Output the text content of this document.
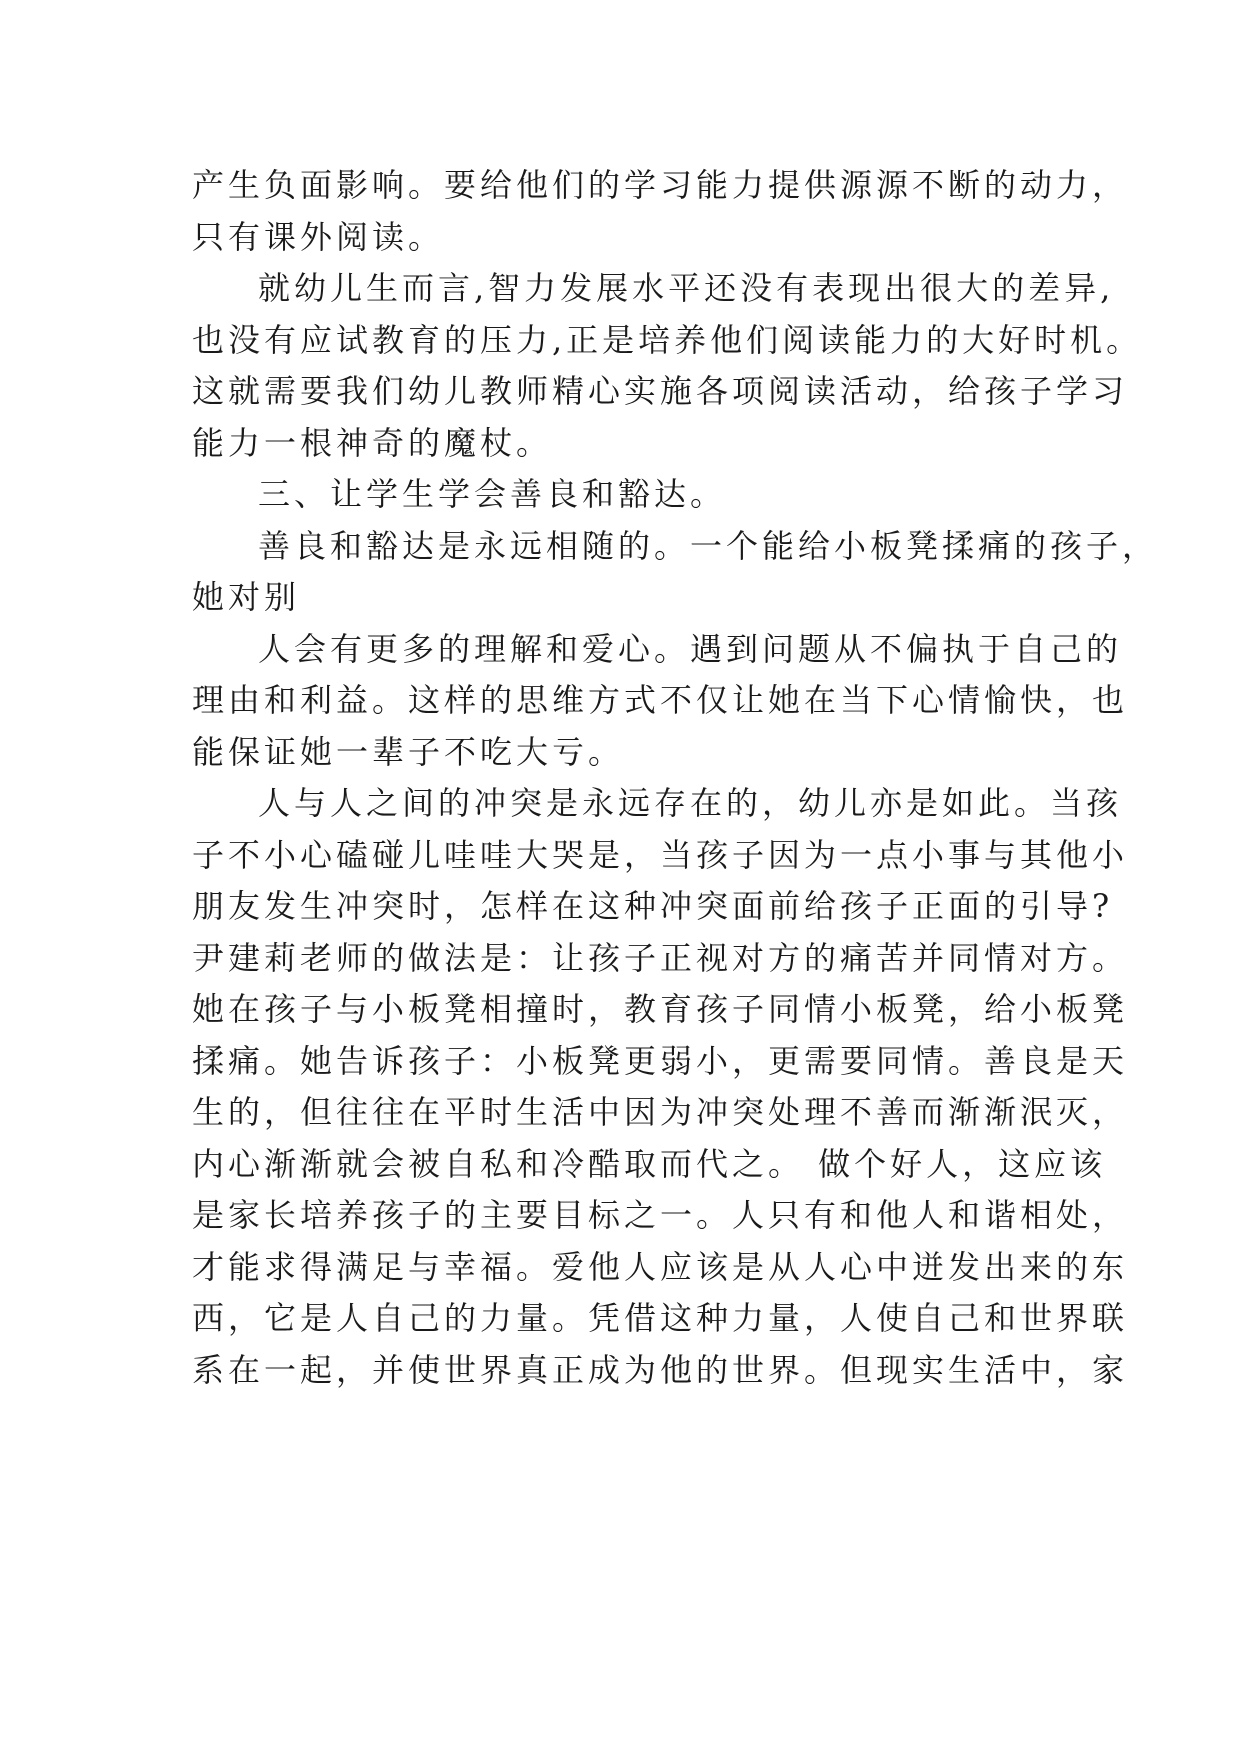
产生负面影响。要给他们的学习能力提供源源不断的动力，
只有课外阅读。
就幼儿生而言,智力发展水平还没有表现出很大的差异,
也没有应试教育的压力,正是培养他们阅读能力的大好时机。
这就需要我们幼儿教师精心实施各项阅读活动，给孩子学习
能力一根神奇的魔杖。
三、让学生学会善良和豁达。
善良和豁达是永远相随的。一个能给小板凳揉痛的孩子，
她对别
人会有更多的理解和爱心。遇到问题从不偏执于自己的
理由和利益。这样的思维方式不仅让她在当下心情愉快，也
能保证她一辈子不吃大亏。
人与人之间的冲突是永远存在的，幼儿亦是如此。当孩
子不小心磕碰儿哇哇大哭是，当孩子因为一点小事与其他小
朋友发生冲突时，怎样在这种冲突面前给孩子正面的引导?
尹建莉老师的做法是：让孩子正视对方的痛苦并同情对方。
她在孩子与小板凳相撞时，教育孩子同情小板凳，给小板凳
揉痛。她告诉孩子：小板凳更弱小，更需要同情。善良是天
生的，但往往在平时生活中因为冲突处理不善而渐渐泯灭，
内心渐渐就会被自私和冷酷取而代之。 做个好人，这应该
是家长培养孩子的主要目标之一。人只有和他人和谐相处，
才能求得满足与幸福。爱他人应该是从人心中迸发出来的东
西，它是人自己的力量。凭借这种力量，人使自己和世界联
系在一起，并使世界真正成为他的世界。但现实生活中，家
